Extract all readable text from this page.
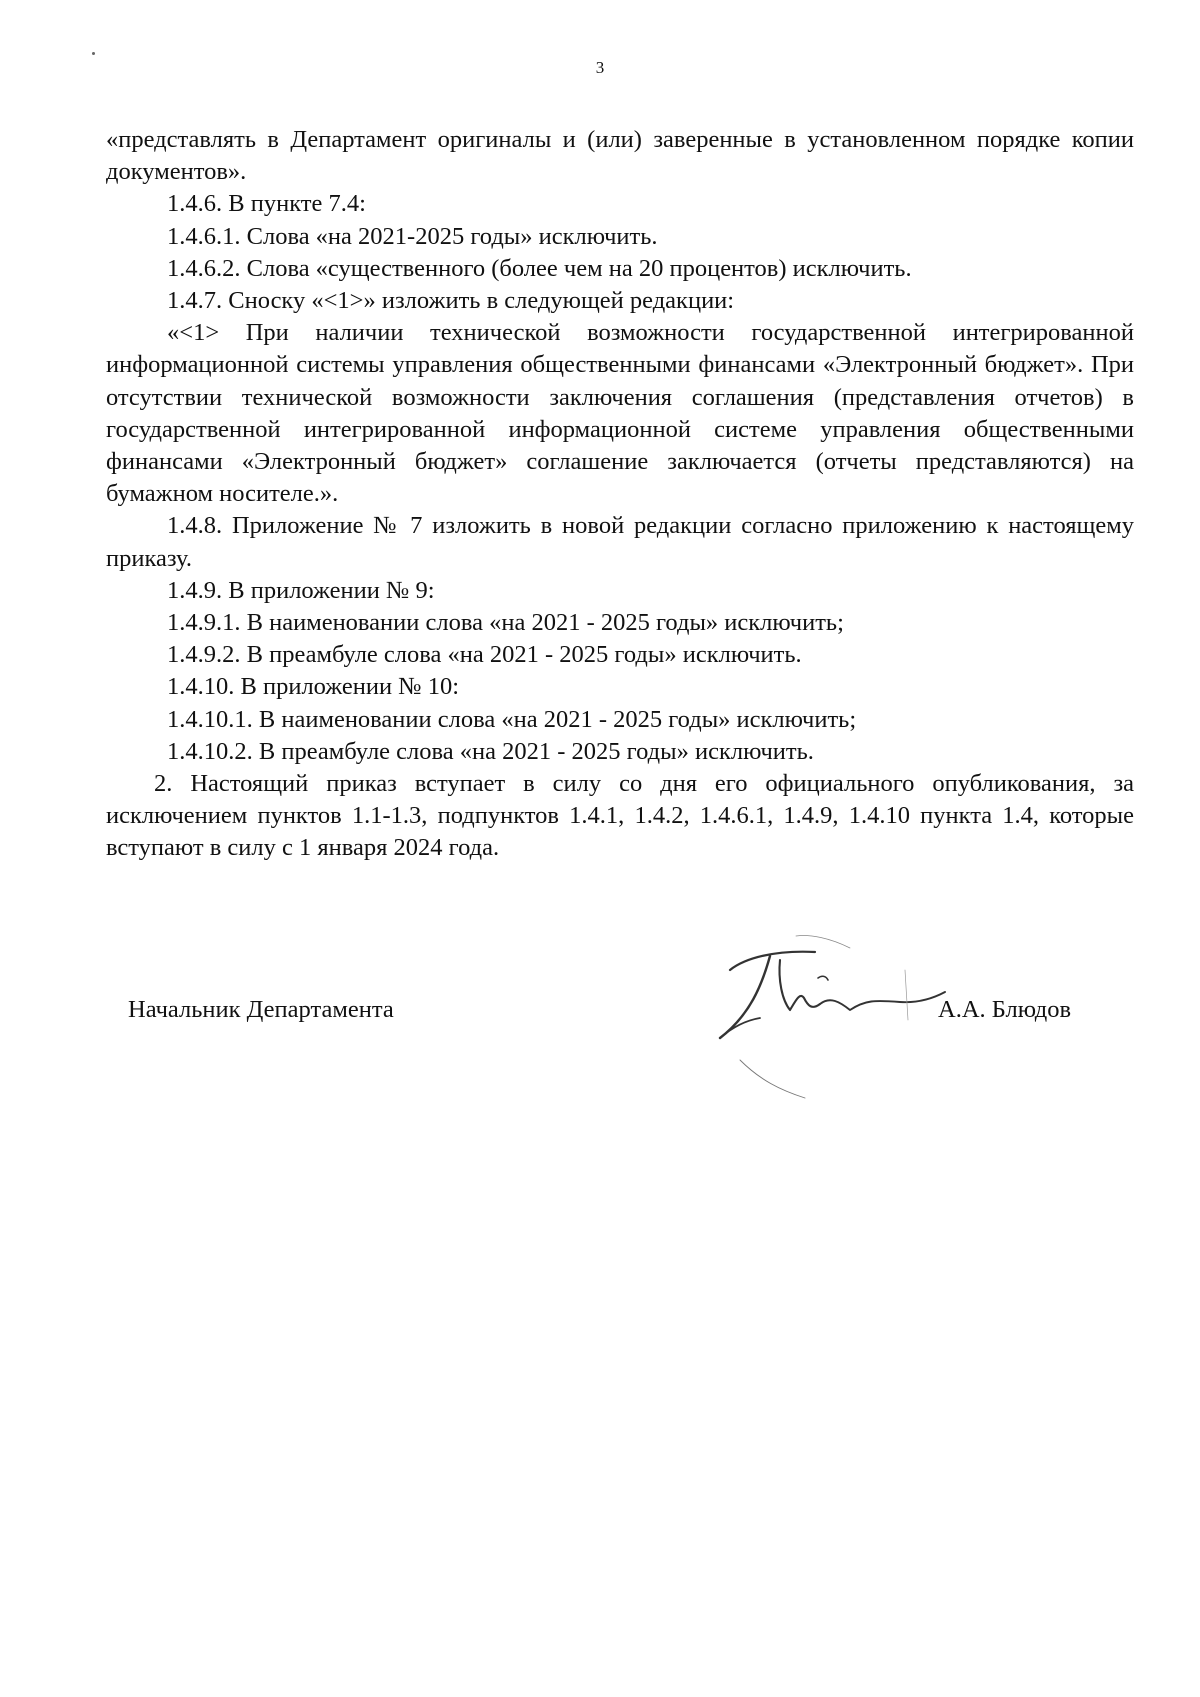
3

«представлять в Департамент оригиналы и (или) заверенные в установленном порядке копии документов».

1.4.6. В пункте 7.4:

1.4.6.1. Слова «на 2021-2025 годы» исключить.

1.4.6.2. Слова «существенного (более чем на 20 процентов) исключить.

1.4.7. Сноску «<1>» изложить в следующей редакции:

«<1> При наличии технической возможности государственной интегрированной информационной системы управления общественными финансами «Электронный бюджет». При отсутствии технической возможности заключения соглашения (представления отчетов) в государственной интегрированной информационной системе управления общественными финансами «Электронный бюджет» соглашение заключается (отчеты представляются) на бумажном носителе.».

1.4.8. Приложение № 7 изложить в новой редакции согласно приложению к настоящему приказу.

1.4.9. В приложении № 9:

1.4.9.1. В наименовании слова «на 2021 - 2025 годы» исключить;

1.4.9.2. В преамбуле слова «на 2021 - 2025 годы» исключить.

1.4.10. В приложении № 10:

1.4.10.1. В наименовании слова «на 2021 - 2025 годы» исключить;

1.4.10.2. В преамбуле слова «на 2021 - 2025 годы» исключить.

2. Настоящий приказ вступает в силу со дня его официального опубликования, за исключением пунктов 1.1-1.3, подпунктов 1.4.1, 1.4.2, 1.4.6.1, 1.4.9, 1.4.10 пункта 1.4, которые вступают в силу с 1 января 2024 года.

Начальник Департамента	А.А. Блюдов
